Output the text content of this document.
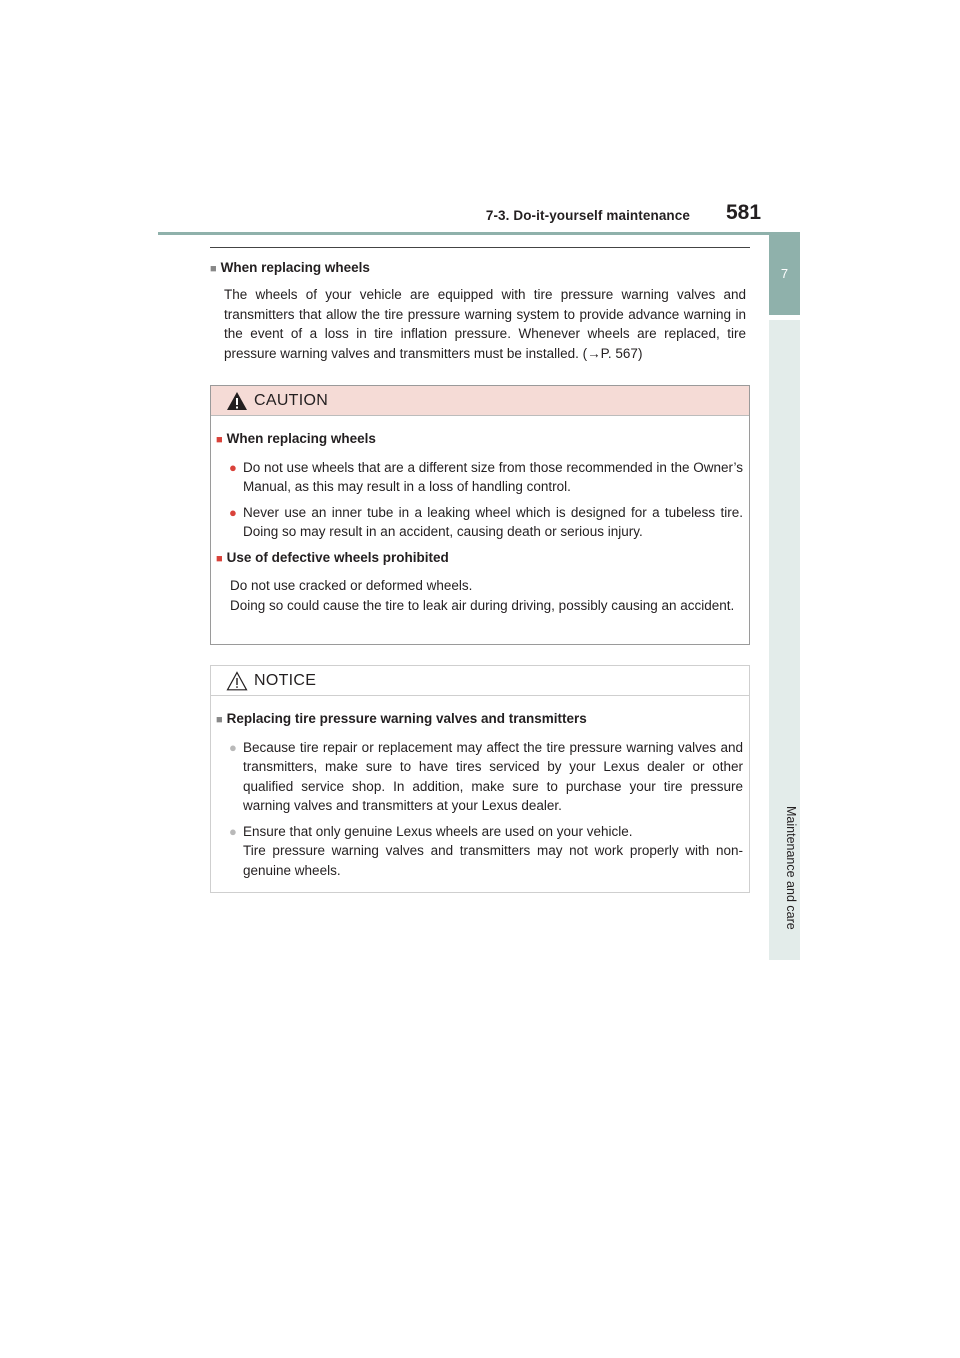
7-3. Do-it-yourself maintenance 581
7
Maintenance and care
■ When replacing wheels
The wheels of your vehicle are equipped with tire pressure warning valves and transmitters that allow the tire pressure warning system to provide advance warning in the event of a loss in tire inflation pressure. Whenever wheels are replaced, tire pressure warning valves and transmitters must be installed. (→P. 567)
CAUTION
■ When replacing wheels
● Do not use wheels that are a different size from those recommended in the Owner’s Manual, as this may result in a loss of handling control.
● Never use an inner tube in a leaking wheel which is designed for a tubeless tire. Doing so may result in an accident, causing death or serious injury.
■ Use of defective wheels prohibited
Do not use cracked or deformed wheels.
Doing so could cause the tire to leak air during driving, possibly causing an accident.
NOTICE
■ Replacing tire pressure warning valves and transmitters
● Because tire repair or replacement may affect the tire pressure warning valves and transmitters, make sure to have tires serviced by your Lexus dealer or other qualified service shop. In addition, make sure to purchase your tire pressure warning valves and transmitters at your Lexus dealer.
● Ensure that only genuine Lexus wheels are used on your vehicle.
Tire pressure warning valves and transmitters may not work properly with non-genuine wheels.
